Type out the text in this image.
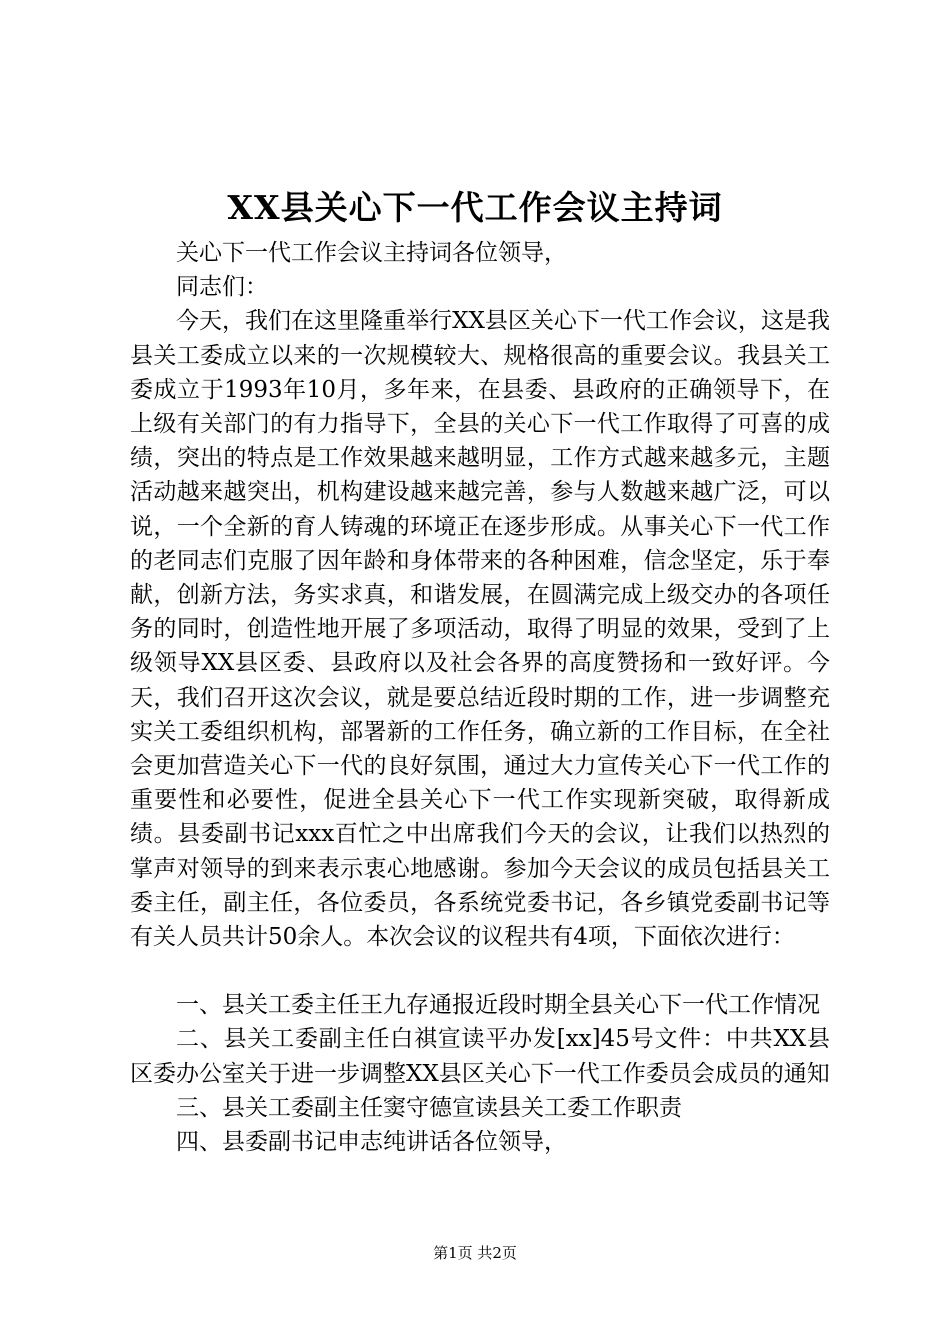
XX县关心下一代工作会议主持词

关心下一代工作会议主持词各位领导，

同志们：

今天，我们在这里隆重举行XX县区关心下一代工作会议，这是我县关工委成立以来的一次规模较大、规格很高的重要会议。我县关工委成立于1993年10月，多年来，在县委、县政府的正确领导下，在上级有关部门的有力指导下，全县的关心下一代工作取得了可喜的成绩，突出的特点是工作效果越来越明显，工作方式越来越多元，主题活动越来越突出，机构建设越来越完善，参与人数越来越广泛，可以说，一个全新的育人铸魂的环境正在逐步形成。从事关心下一代工作的老同志们克服了因年龄和身体带来的各种困难，信念坚定，乐于奉献，创新方法，务实求真，和谐发展，在圆满完成上级交办的各项任务的同时，创造性地开展了多项活动，取得了明显的效果，受到了上级领导XX县区委、县政府以及社会各界的高度赞扬和一致好评。今天，我们召开这次会议，就是要总结近段时期的工作，进一步调整充实关工委组织机构，部署新的工作任务，确立新的工作目标，在全社会更加营造关心下一代的良好氛围，通过大力宣传关心下一代工作的重要性和必要性，促进全县关心下一代工作实现新突破，取得新成绩。县委副书记xxx百忙之中出席我们今天的会议，让我们以热烈的掌声对领导的到来表示衷心地感谢。参加今天会议的成员包括县关工委主任，副主任，各位委员，各系统党委书记，各乡镇党委副书记等有关人员共计50余人。本次会议的议程共有4项，下面依次进行：

一、县关工委主任王九存通报近段时期全县关心下一代工作情况

二、县关工委副主任白祺宣读平办发[xx]45号文件：中共XX县区委办公室关于进一步调整XX县区关心下一代工作委员会成员的通知

三、县关工委副主任窦守德宣读县关工委工作职责

四、县委副书记申志纯讲话各位领导，

第1页 共2页
